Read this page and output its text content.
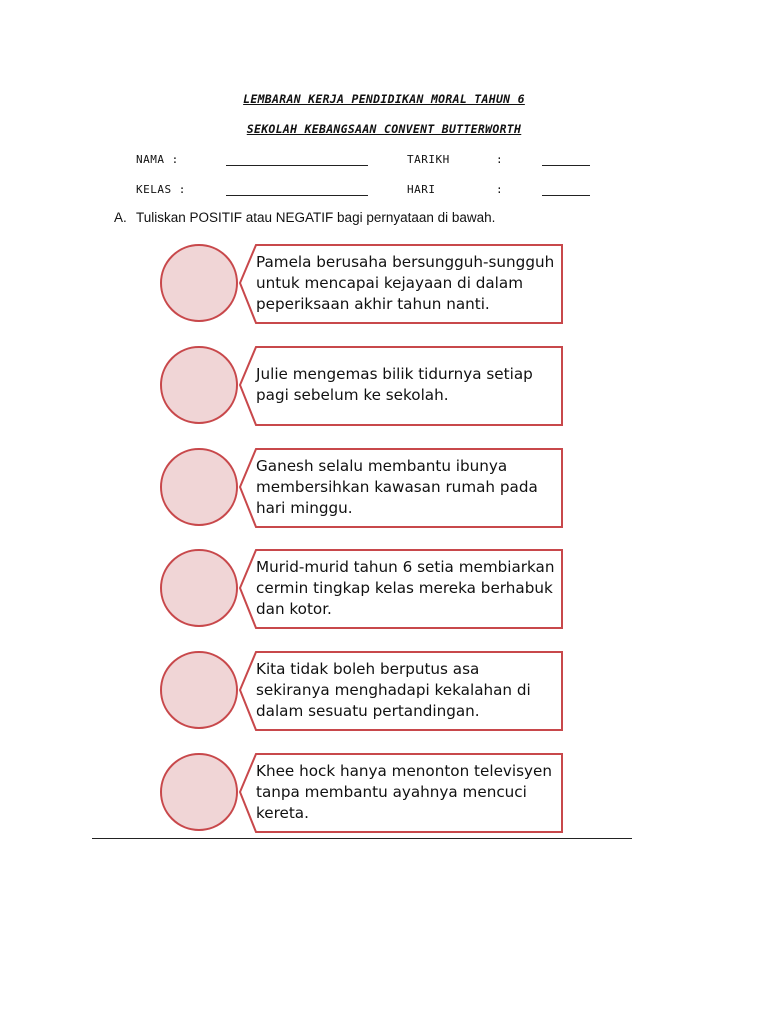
LEMBARAN KERJA PENDIDIKAN MORAL TAHUN 6
SEKOLAH KEBANGSAAN CONVENT BUTTERWORTH
NAMA :	TARIKH	:
KELAS :	HARI	:
A. Tuliskan POSITIF atau NEGATIF bagi pernyataan di bawah.
Pamela berusaha bersungguh-sungguh untuk mencapai kejayaan di dalam peperiksaan akhir tahun nanti.
Julie mengemas bilik tidurnya setiap pagi sebelum ke sekolah.
Ganesh selalu membantu ibunya membersihkan kawasan rumah pada hari minggu.
Murid-murid tahun 6 setia membiarkan cermin tingkap kelas mereka berhabuk dan kotor.
Kita tidak boleh berputus asa sekiranya menghadapi kekalahan di dalam sesuatu pertandingan.
Khee hock hanya menonton televisyen tanpa membantu ayahnya mencuci kereta.
